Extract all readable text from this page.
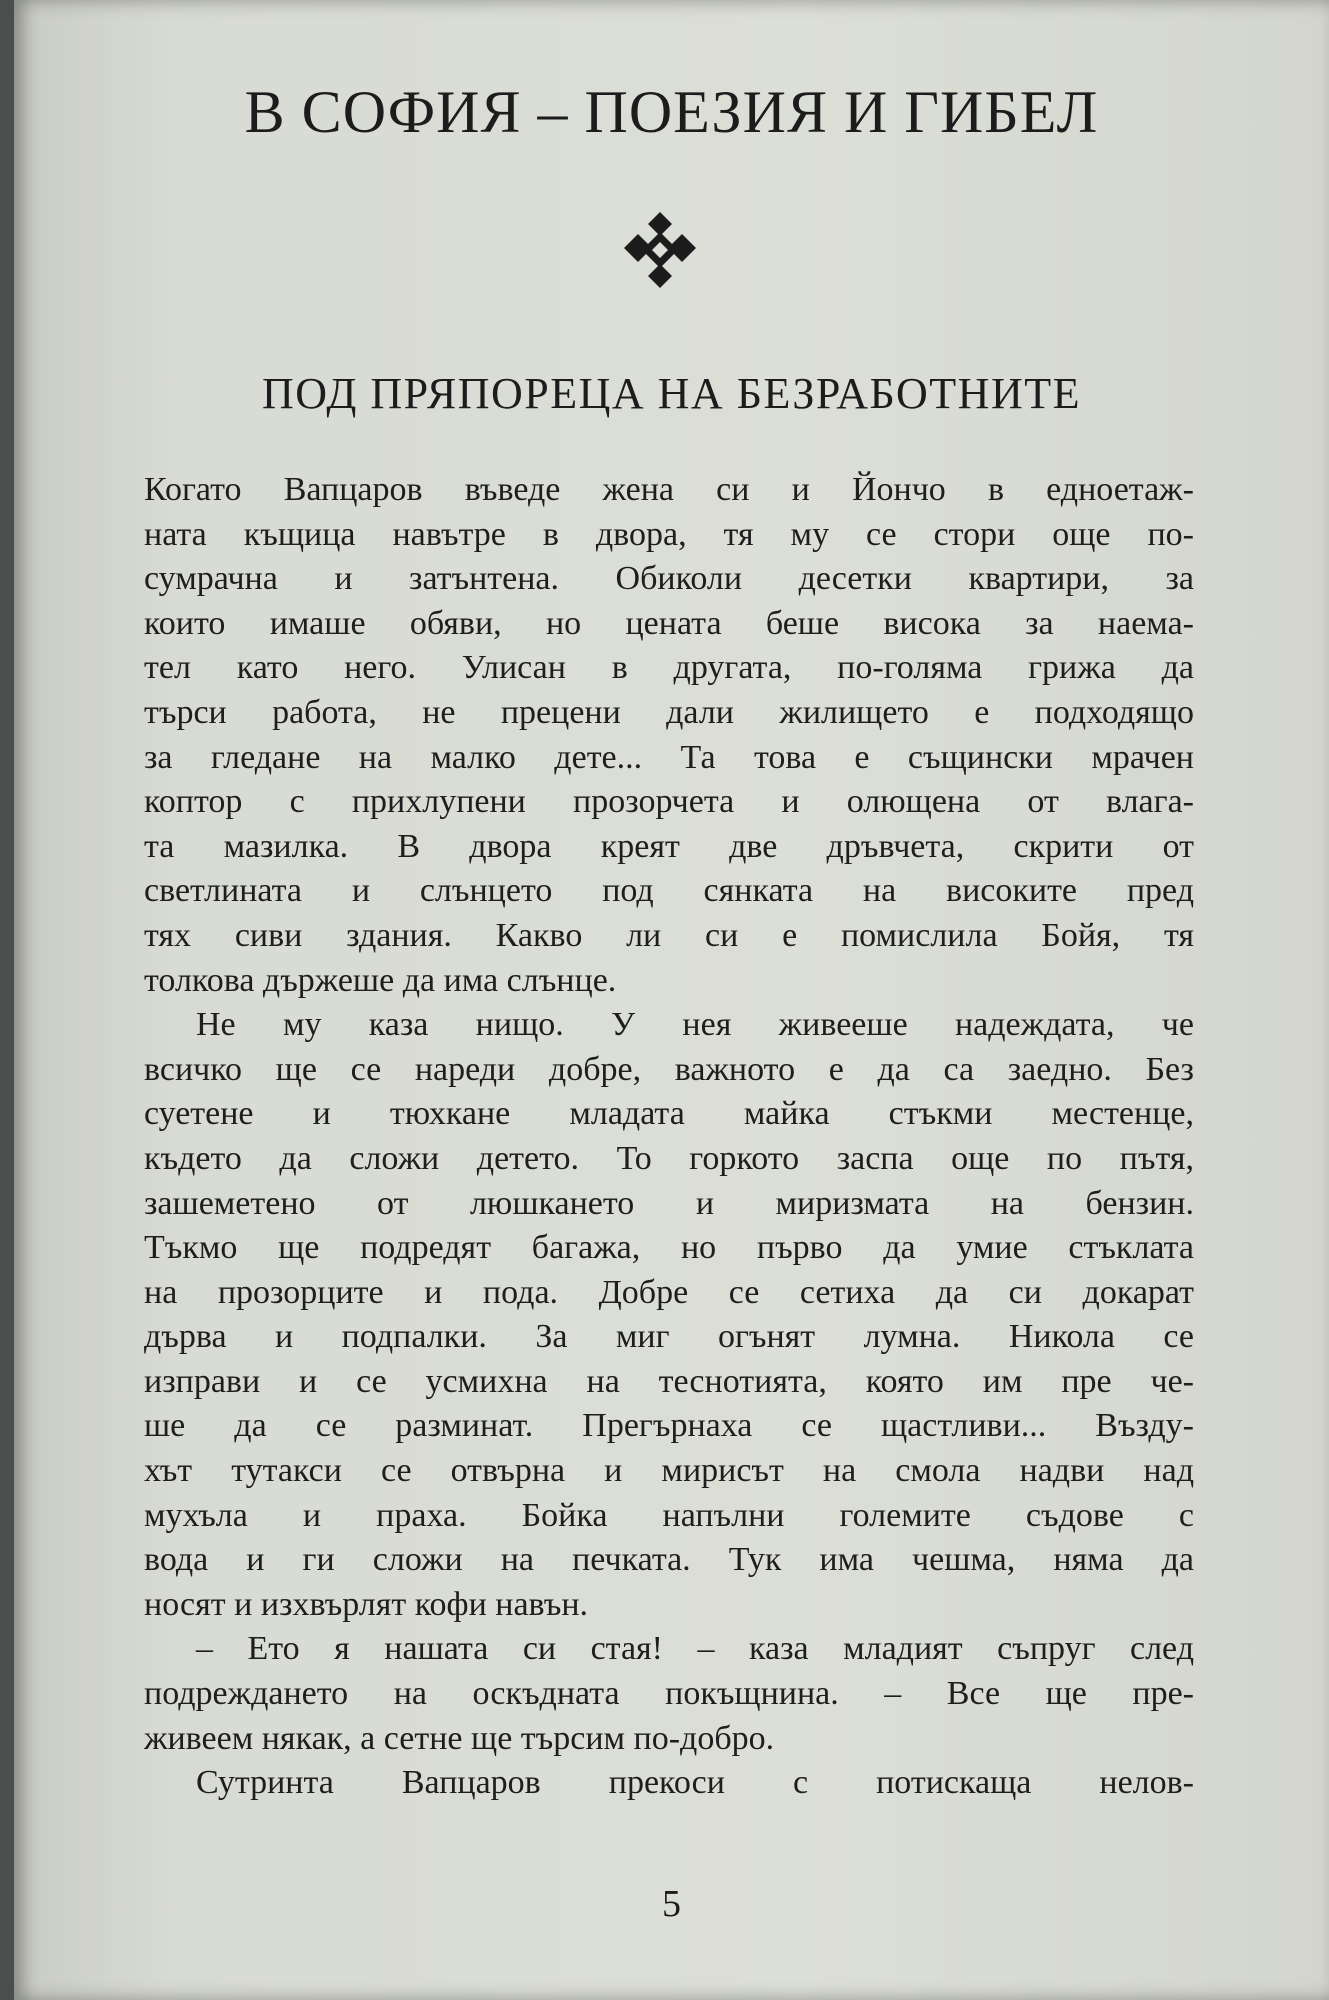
В СОФИЯ – ПОЕЗИЯ И ГИБЕЛ
ПОД ПРЯПОРЕЦА НА БЕЗРАБОТНИТЕ
Когато Вапцаров въведе жена си и Йончо в едноетаж-
ната къщица навътре в двора, тя му се стори още по-
сумрачна и затънтена. Обиколи десетки квартири, за
които имаше обяви, но цената беше висока за наема-
тел като него. Улисан в другата, по-голяма грижа да
търси работа, не прецени дали жилището е подходящо
за гледане на малко дете... Та това е същински мрачен
коптор с прихлупени прозорчета и олющена от влага-
та мазилка. В двора креят две дръвчета, скрити от
светлината и слънцето под сянката на високите пред
тях сиви здания. Какво ли си е помислила Бойя, тя
толкова държеше да има слънце.
Не му каза нищо. У нея живееше надеждата, че
всичко ще се нареди добре, важното е да са заедно. Без
суетене и тюхкане младата майка стъкми местенце,
където да сложи детето. То горкото заспа още по пътя,
зашеметено от люшкането и миризмата на бензин.
Тъкмо ще подредят багажа, но първо да умие стъклата
на прозорците и пода. Добре се сетиха да си докарат
дърва и подпалки. За миг огънят лумна. Никола се
изправи и се усмихна на теснотията, която им пре че-
ше да се разминат. Прегърнаха се щастливи... Възду-
хът тутакси се отвърна и мирисът на смола надви над
мухъла и праха. Бойка напълни големите съдове с
вода и ги сложи на печката. Тук има чешма, няма да
носят и изхвърлят кофи навън.
– Ето я нашата си стая! – каза младият съпруг след
подреждането на оскъдната покъщнина. – Все ще пре-
живеем някак, а сетне ще търсим по-добро.
Сутринта Вапцаров прекоси с потискаща нелов-
5
